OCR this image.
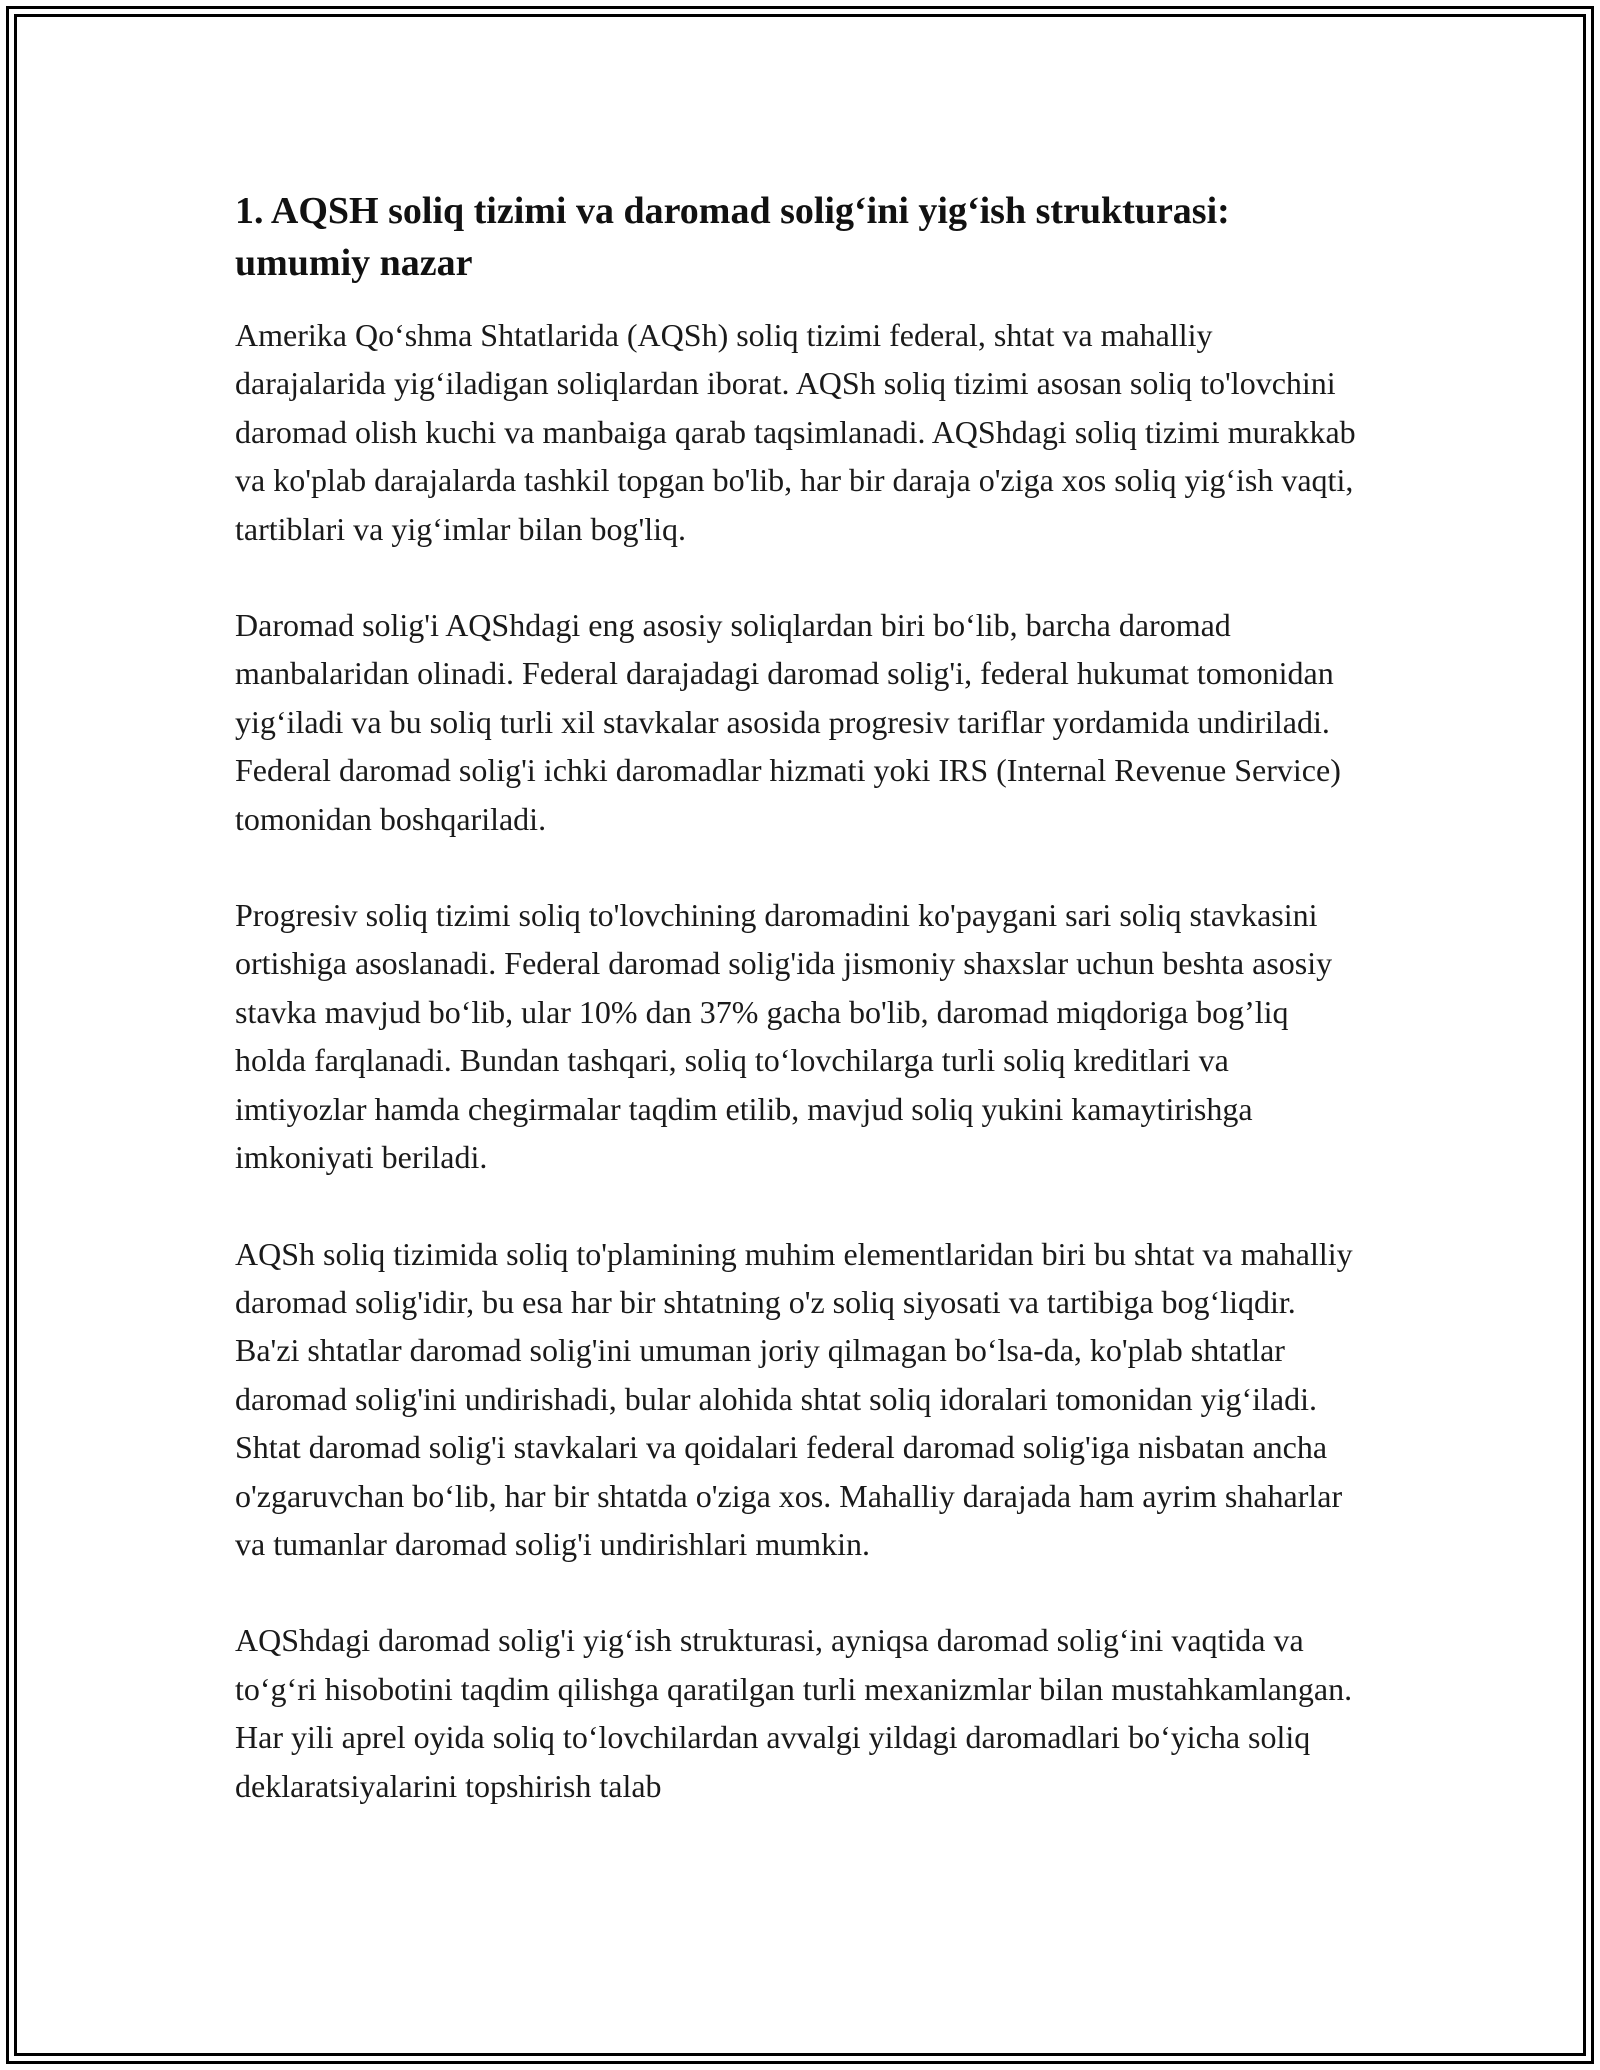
1. AQSH soliq tizimi va daromad solig‘ini yig‘ish strukturasi: umumiy nazar

Amerika Qo‘shma Shtatlarida (AQSh) soliq tizimi federal, shtat va mahalliy darajalarida yig‘iladigan soliqlardan iborat. AQSh soliq tizimi asosan soliq to'lovchini daromad olish kuchi va manbaiga qarab taqsimlanadi. AQShdagi soliq tizimi murakkab va ko'plab darajalarda tashkil topgan bo'lib, har bir daraja o'ziga xos soliq yig‘ish vaqti, tartiblari va yig‘imlar bilan bog'liq.

Daromad solig'i AQShdagi eng asosiy soliqlardan biri bo‘lib, barcha daromad manbalaridan olinadi. Federal darajadagi daromad solig'i, federal hukumat tomonidan yig‘iladi va bu soliq turli xil stavkalar asosida progresiv tariflar yordamida undiriladi. Federal daromad solig'i ichki daromadlar hizmati yoki IRS (Internal Revenue Service) tomonidan boshqariladi.

Progresiv soliq tizimi soliq to'lovchining daromadini ko'paygani sari soliq stavkasini ortishiga asoslanadi. Federal daromad solig'ida jismoniy shaxslar uchun beshta asosiy stavka mavjud bo‘lib, ular 10% dan 37% gacha bo'lib, daromad miqdoriga bog’liq holda farqlanadi. Bundan tashqari, soliq to‘lovchilarga turli soliq kreditlari va imtiyozlar hamda chegirmalar taqdim etilib, mavjud soliq yukini kamaytirishga imkoniyati beriladi.

AQSh soliq tizimida soliq to'plamining muhim elementlaridan biri bu shtat va mahalliy daromad solig'idir, bu esa har bir shtatning o'z soliq siyosati va tartibiga bog‘liqdir. Ba'zi shtatlar daromad solig'ini umuman joriy qilmagan bo‘lsa-da, ko'plab shtatlar daromad solig'ini undirishadi, bular alohida shtat soliq idoralari tomonidan yig‘iladi. Shtat daromad solig'i stavkalari va qoidalari federal daromad solig'iga nisbatan ancha o'zgaruvchan bo‘lib, har bir shtatda o'ziga xos. Mahalliy darajada ham ayrim shaharlar va tumanlar daromad solig'i undirishlari mumkin.

AQShdagi daromad solig'i yig‘ish strukturasi, ayniqsa daromad solig‘ini vaqtida va to‘g‘ri hisobotini taqdim qilishga qaratilgan turli mexanizmlar bilan mustahkamlangan. Har yili aprel oyida soliq to‘lovchilardan avvalgi yildagi daromadlari bo‘yicha soliq deklaratsiyalarini topshirish talab
